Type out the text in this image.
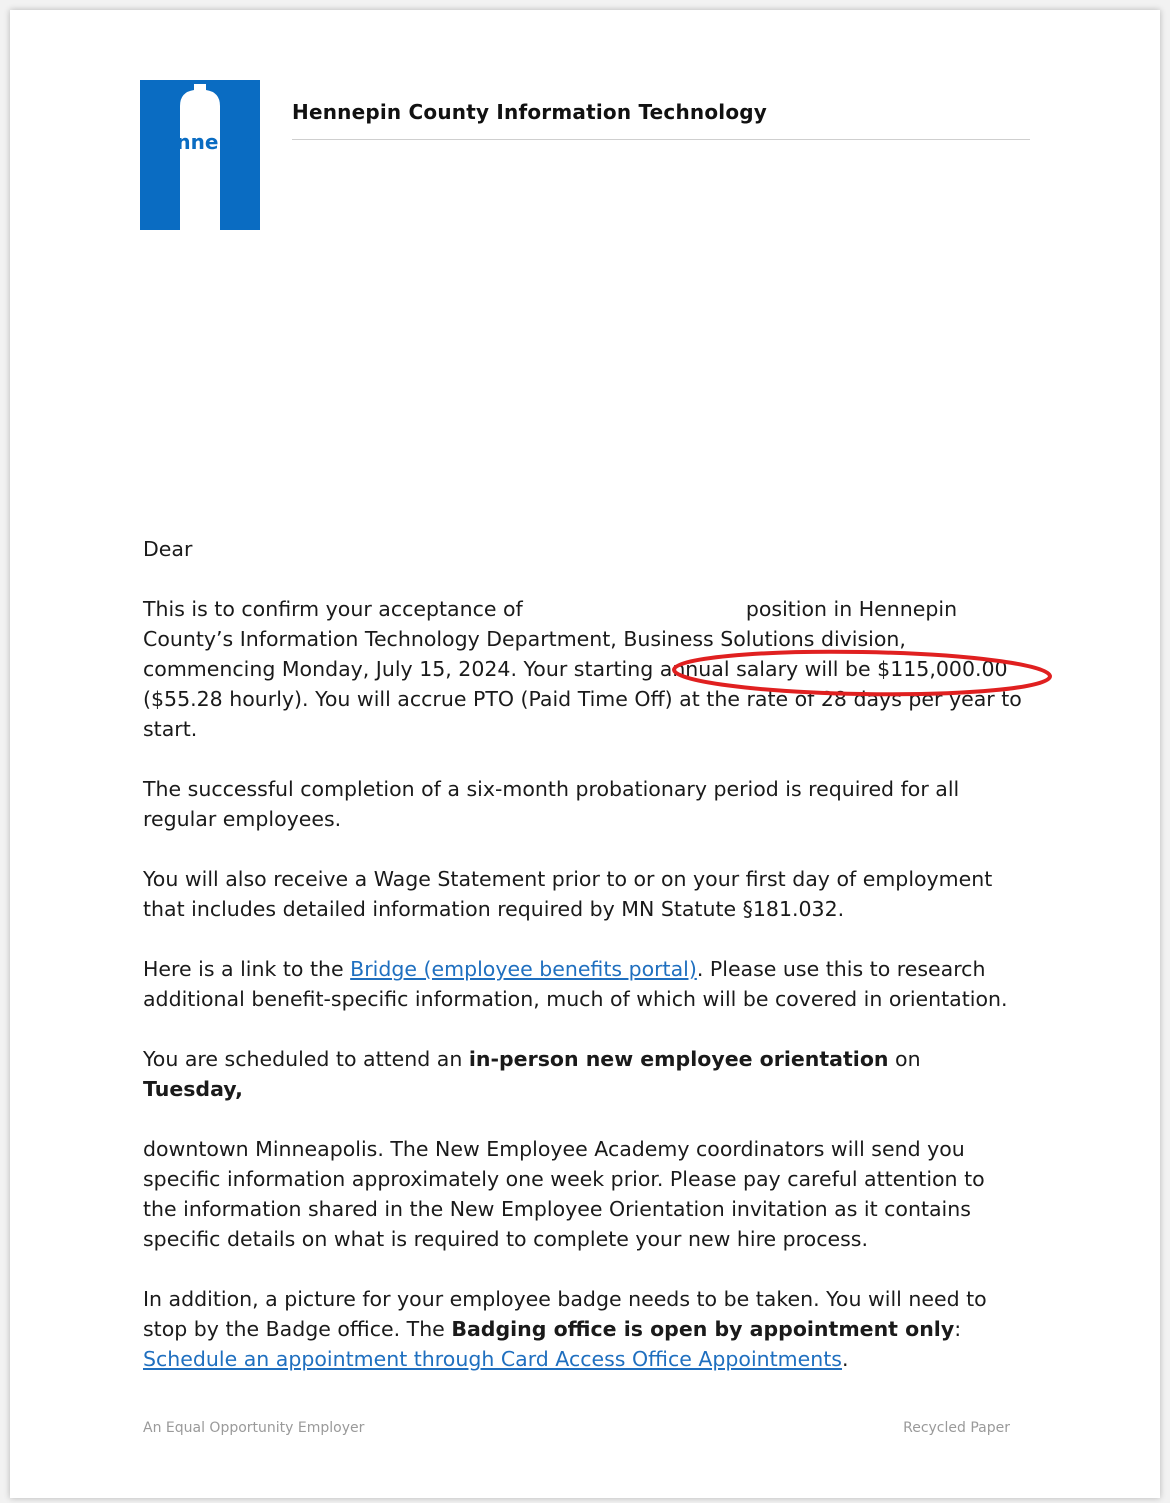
Hennepin
Hennepin County Information Technology

Dear

This is to confirm your acceptance of	position in Hennepin County’s Information Technology Department, Business Solutions division, commencing Monday, July 15, 2024. Your starting annual salary will be $115,000.00 ($55.28 hourly). You will accrue PTO (Paid Time Off) at the rate of 28 days per year to start.

The successful completion of a six-month probationary period is required for all regular employees.

You will also receive a Wage Statement prior to or on your first day of employment that includes detailed information required by MN Statute §181.032.

Here is a link to the Bridge (employee benefits portal). Please use this to research additional benefit-specific information, much of which will be covered in orientation.

You are scheduled to attend an in-person new employee orientation on Tuesday,
downtown Minneapolis. The New Employee Academy coordinators will send you specific information approximately one week prior. Please pay careful attention to the information shared in the New Employee Orientation invitation as it contains specific details on what is required to complete your new hire process.

In addition, a picture for your employee badge needs to be taken. You will need to stop by the Badge office. The Badging office is open by appointment only: Schedule an appointment through Card Access Office Appointments.

An Equal Opportunity Employer	Recycled Paper
